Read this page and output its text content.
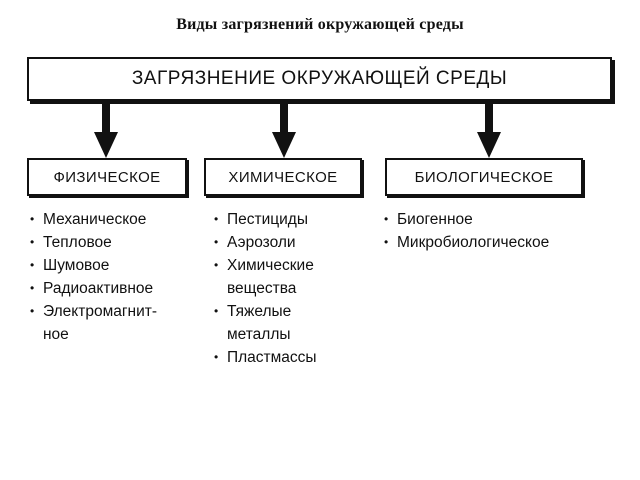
Виды загрязнений окружающей среды
ЗАГРЯЗНЕНИЕ ОКРУЖАЮЩЕЙ СРЕДЫ
ФИЗИЧЕСКОЕ	ХИМИЧЕСКОЕ	БИОЛОГИЧЕСКОЕ
• Механическое
• Тепловое
• Шумовое
• Радиоактивное
• Электромагнит-
ное
• Пестициды
• Аэрозоли
• Химические
вещества
• Тяжелые
металлы
• Пластмассы
• Биогенное
• Микробиологическое
